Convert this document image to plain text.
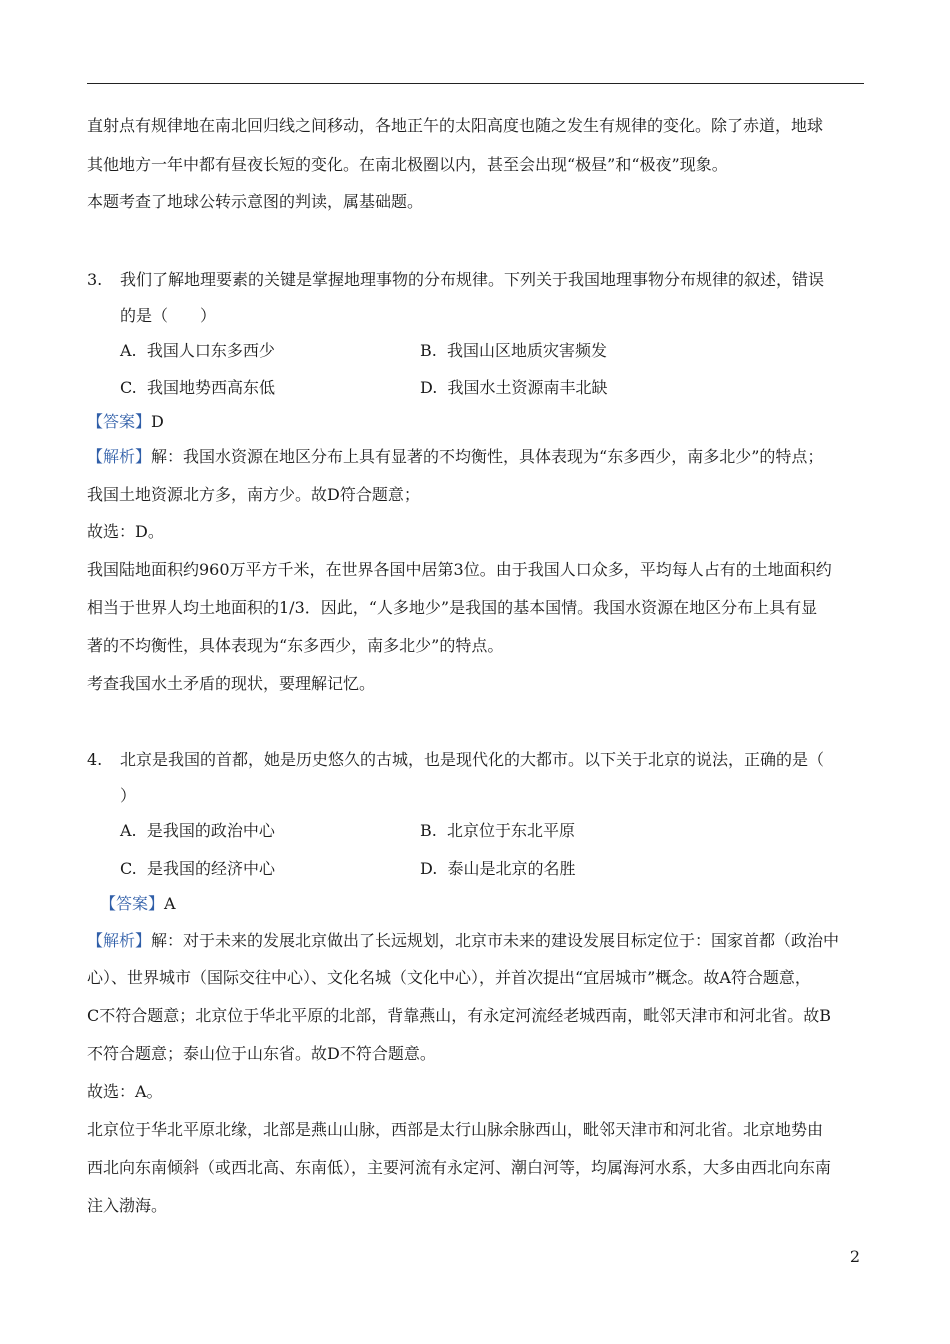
直射点有规律地在南北回归线之间移动，各地正午的太阳高度也随之发生有规律的变化。除了赤道，地球
其他地方一年中都有昼夜长短的变化。在南北极圈以内，甚至会出现“极昼”和“极夜”现象。
本题考查了地球公转示意图的判读，属基础题。
3. 我们了解地理要素的关键是掌握地理事物的分布规律。下列关于我国地理事物分布规律的叙述，错误
的是（　　）
A. 我国人口东多西少	B. 我国山区地质灾害频发
C. 我国地势西高东低	D. 我国水土资源南丰北缺
【答案】D
【解析】解：我国水资源在地区分布上具有显著的不均衡性，具体表现为“东多西少，南多北少”的特点；
我国土地资源北方多，南方少。故D符合题意；
故选：D。
我国陆地面积约960万平方千米，在世界各国中居第3位。由于我国人口众多，平均每人占有的土地面积约
相当于世界人均土地面积的1/3．因此，“人多地少”是我国的基本国情。我国水资源在地区分布上具有显
著的不均衡性，具体表现为“东多西少，南多北少”的特点。
考查我国水土矛盾的现状，要理解记忆。
4. 北京是我国的首都，她是历史悠久的古城，也是现代化的大都市。以下关于北京的说法，正确的是（
）
A. 是我国的政治中心	B. 北京位于东北平原
C. 是我国的经济中心	D. 泰山是北京的名胜
【答案】A
【解析】解：对于未来的发展北京做出了长远规划，北京市未来的建设发展目标定位于：国家首都（政治中
心）、世界城市（国际交往中心）、文化名城（文化中心），并首次提出“宜居城市”概念。故A符合题意，
C不符合题意；北京位于华北平原的北部，背靠燕山，有永定河流经老城西南，毗邻天津市和河北省。故B
不符合题意；泰山位于山东省。故D不符合题意。
故选：A。
北京位于华北平原北缘，北部是燕山山脉，西部是太行山脉余脉西山，毗邻天津市和河北省。北京地势由
西北向东南倾斜（或西北高、东南低），主要河流有永定河、潮白河等，均属海河水系，大多由西北向东南
注入渤海。
2
